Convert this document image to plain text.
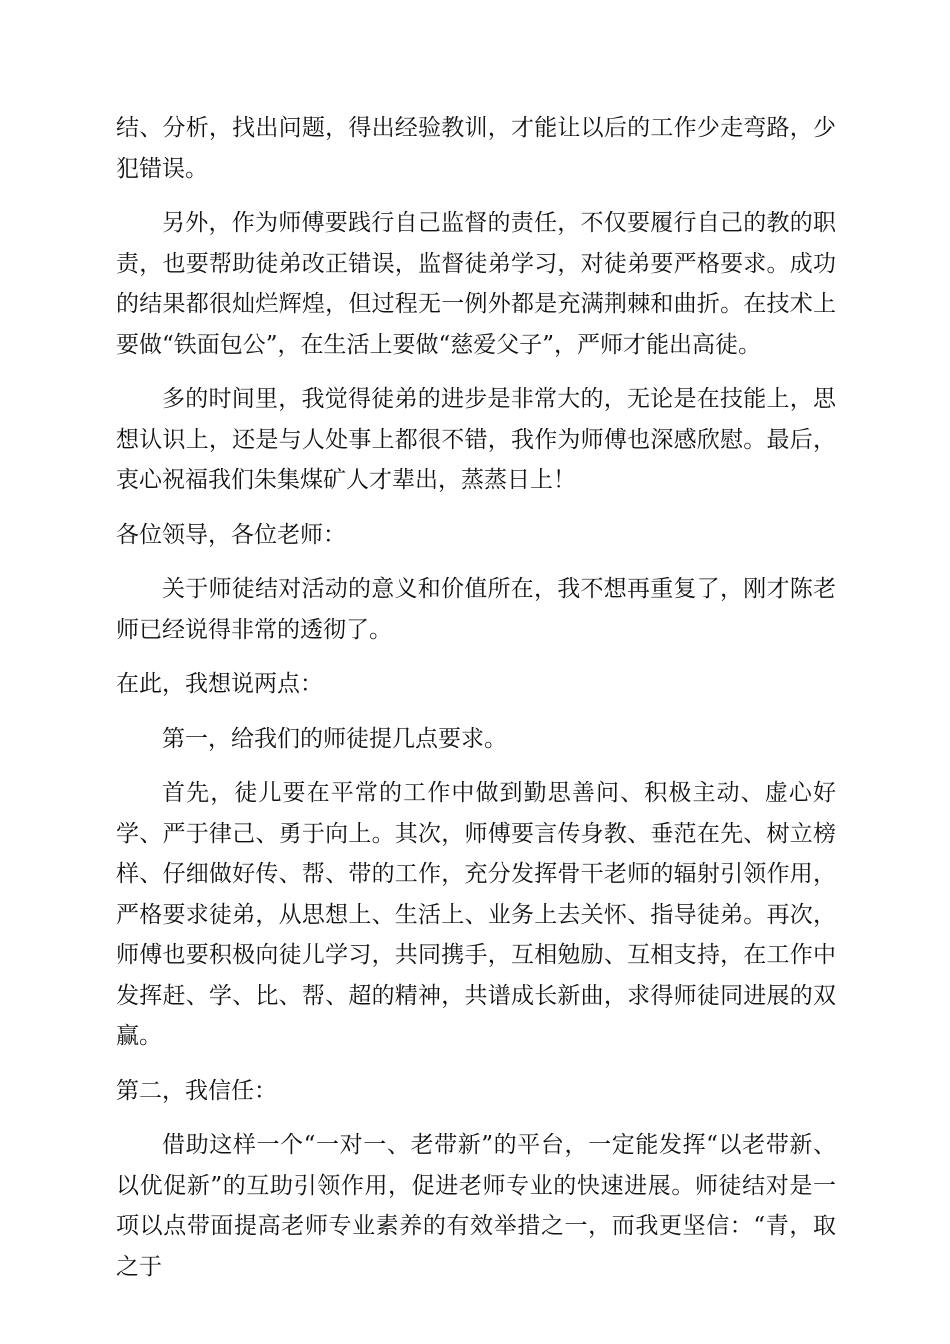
结、分析，找出问题，得出经验教训，才能让以后的工作少走弯路，少犯错误。

另外，作为师傅要践行自己监督的责任，不仅要履行自己的教的职责，也要帮助徒弟改正错误，监督徒弟学习，对徒弟要严格要求。成功的结果都很灿烂辉煌，但过程无一例外都是充满荆棘和曲折。在技术上要做“铁面包公”，在生活上要做“慈爱父子”，严师才能出高徒。

多的时间里，我觉得徒弟的进步是非常大的，无论是在技能上，思想认识上，还是与人处事上都很不错，我作为师傅也深感欣慰。最后，衷心祝福我们朱集煤矿人才辈出，蒸蒸日上！

各位领导，各位老师：

关于师徒结对活动的意义和价值所在，我不想再重复了，刚才陈老师已经说得非常的透彻了。

在此，我想说两点：

第一，给我们的师徒提几点要求。

首先，徒儿要在平常的工作中做到勤思善问、积极主动、虚心好学、严于律己、勇于向上。其次，师傅要言传身教、垂范在先、树立榜样、仔细做好传、帮、带的工作，充分发挥骨干老师的辐射引领作用，严格要求徒弟，从思想上、生活上、业务上去关怀、指导徒弟。再次，师傅也要积极向徒儿学习，共同携手，互相勉励、互相支持，在工作中发挥赶、学、比、帮、超的精神，共谱成长新曲，求得师徒同进展的双赢。

第二，我信任：

借助这样一个“一对一、老带新”的平台，一定能发挥“以老带新、以优促新”的互助引领作用，促进老师专业的快速进展。师徒结对是一项以点带面提高老师专业素养的有效举措之一，而我更坚信：“青，取之于
